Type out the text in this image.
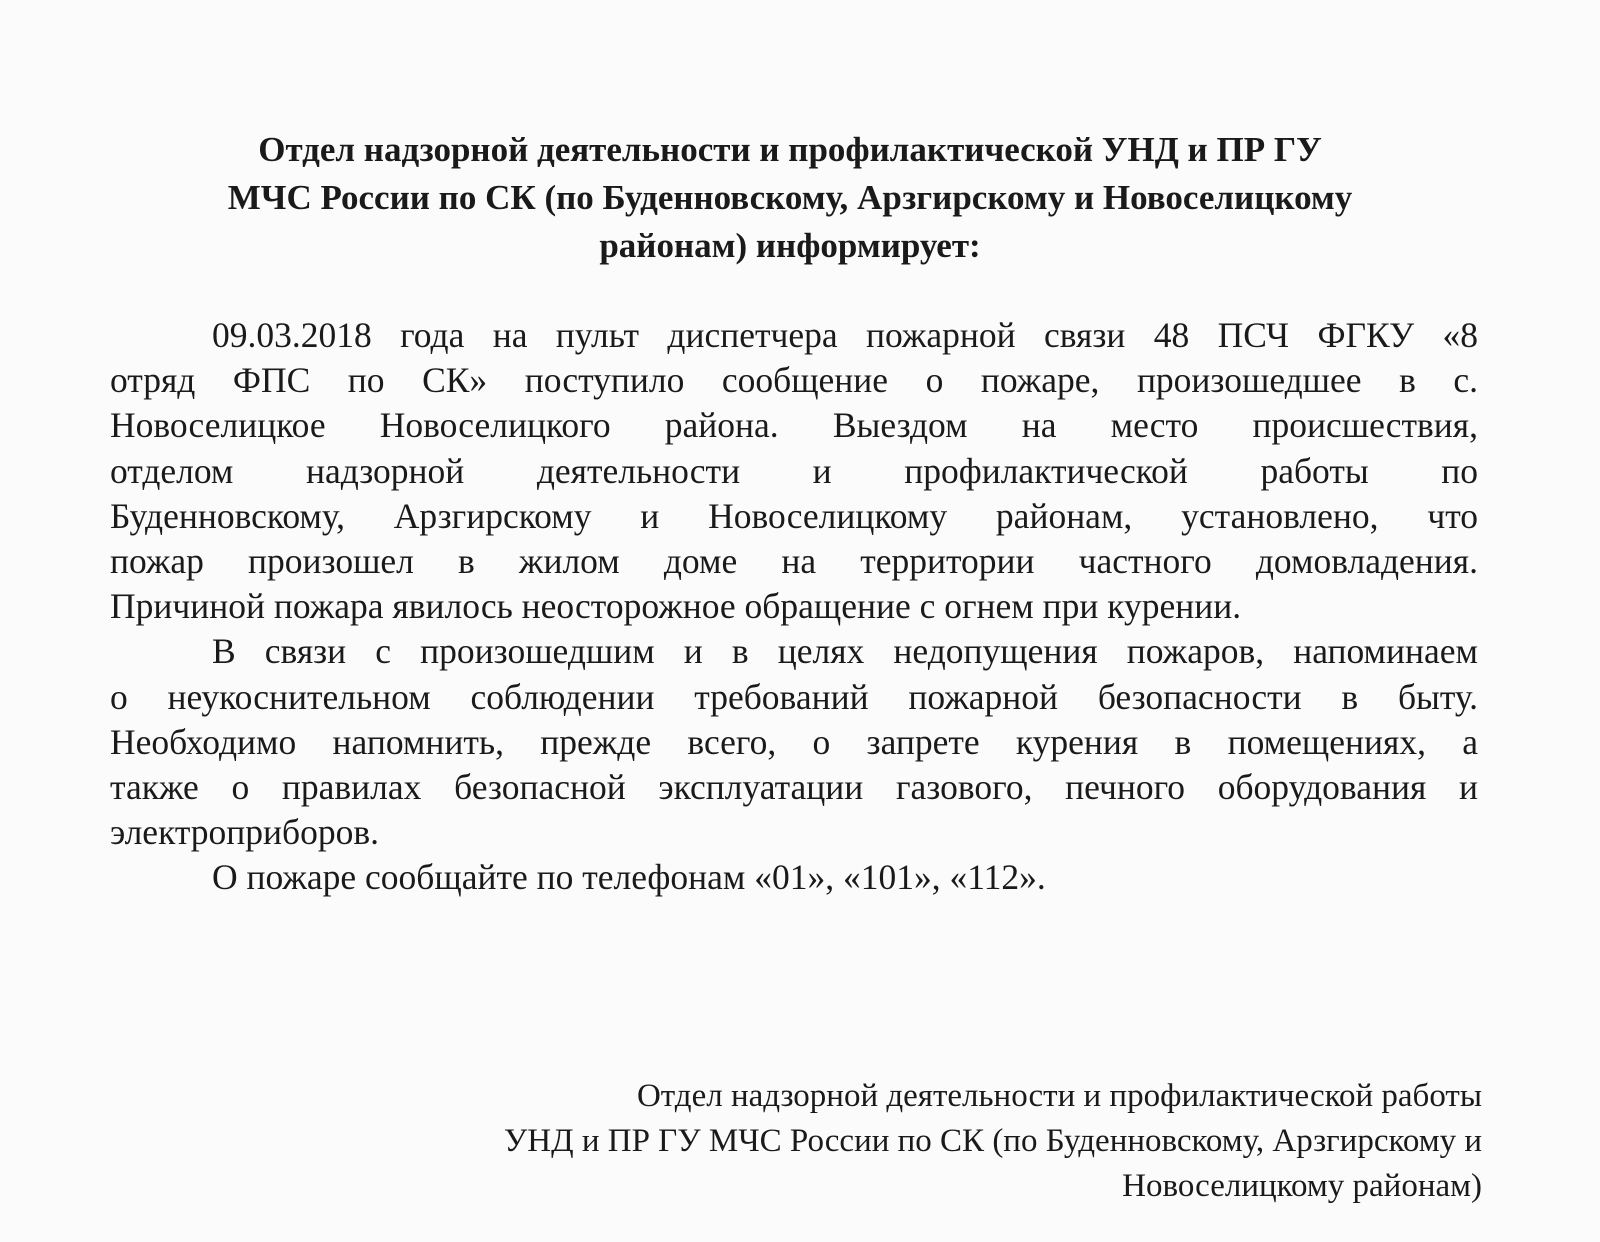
Отдел надзорной деятельности и профилактической УНД и ПР ГУ
МЧС России по СК (по Буденновскому, Арзгирскому и Новоселицкому
районам) информирует:
09.03.2018 года на пульт диспетчера пожарной связи 48 ПСЧ ФГКУ «8
отряд ФПС по СК» поступило сообщение о пожаре, произошедшее в с.
Новоселицкое Новоселицкого района. Выездом на место происшествия,
отделом надзорной деятельности и профилактической работы по
Буденновскому, Арзгирскому и Новоселицкому районам, установлено, что
пожар произошел в жилом доме на территории частного домовладения.
Причиной пожара явилось неосторожное обращение с огнем при курении.
В связи с произошедшим и в целях недопущения пожаров, напоминаем
о неукоснительном соблюдении требований пожарной безопасности в быту.
Необходимо напомнить, прежде всего, о запрете курения в помещениях, а
также о правилах безопасной эксплуатации газового, печного оборудования и
электроприборов.
О пожаре сообщайте по телефонам «01», «101», «112».
Отдел надзорной деятельности и профилактической работы
УНД и ПР ГУ МЧС России по СК (по Буденновскому, Арзгирскому и
Новоселицкому районам)
